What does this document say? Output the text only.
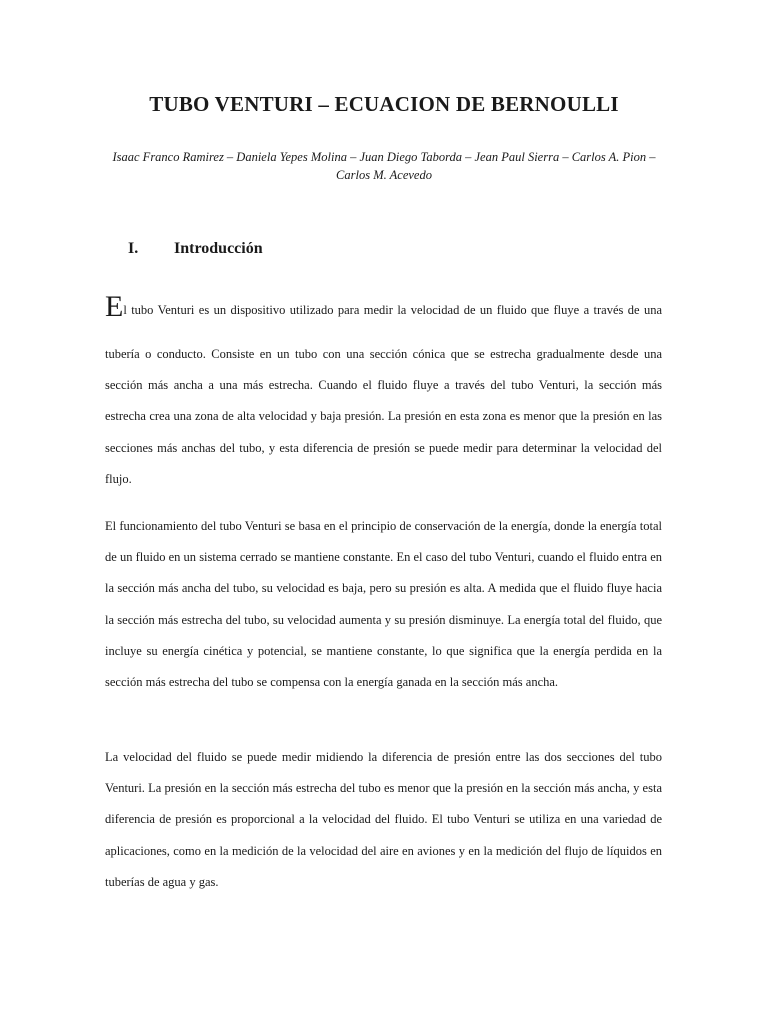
TUBO VENTURI – ECUACION DE BERNOULLI

Isaac Franco Ramirez – Daniela Yepes Molina – Juan Diego Taborda – Jean Paul Sierra – Carlos A. Pion – Carlos M. Acevedo

I. Introducción
El tubo Venturi es un dispositivo utilizado para medir la velocidad de un fluido que fluye a través de una
tubería o conducto. Consiste en un tubo con una sección cónica que se estrecha gradualmente desde una sección más ancha a una más estrecha. Cuando el fluido fluye a través del tubo Venturi, la sección más estrecha crea una zona de alta velocidad y baja presión. La presión en esta zona es menor que la presión en las secciones más anchas del tubo, y esta diferencia de presión se puede medir para determinar la velocidad del flujo.

El funcionamiento del tubo Venturi se basa en el principio de conservación de la energía, donde la energía total de un fluido en un sistema cerrado se mantiene constante. En el caso del tubo Venturi, cuando el fluido entra en la sección más ancha del tubo, su velocidad es baja, pero su presión es alta. A medida que el fluido fluye hacia la sección más estrecha del tubo, su velocidad aumenta y su presión disminuye. La energía total del fluido, que incluye su energía cinética y potencial, se mantiene constante, lo que significa que la energía perdida en la sección más estrecha del tubo se compensa con la energía ganada en la sección más ancha.

La velocidad del fluido se puede medir midiendo la diferencia de presión entre las dos secciones del tubo Venturi. La presión en la sección más estrecha del tubo es menor que la presión en la sección más ancha, y esta diferencia de presión es proporcional a la velocidad del fluido. El tubo Venturi se utiliza en una variedad de aplicaciones, como en la medición de la velocidad del aire en aviones y en la medición del flujo de líquidos en tuberías de agua y gas.
